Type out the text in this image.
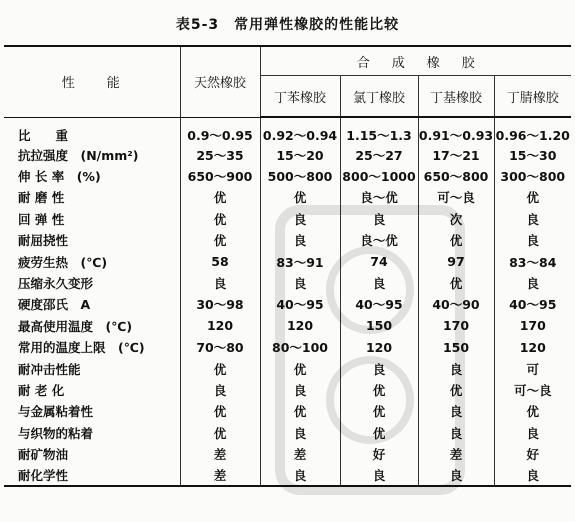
表5-3　常用弹性橡胶的性能比较
性　　能	天然橡胶	合成橡胶			
		丁苯橡胶	氯丁橡胶	丁基橡胶	丁腈橡胶

比　　重	0.9～0.95	0.92～0.94	1.15～1.3	0.91～0.93	0.96～1.20
抗拉强度　(N/mm²)	25～35	15～20	25～27	17～21	15～30
伸 长 率　(%)	650～900	500～800	800～1000	650～800	300～800
耐 磨 性	优	优	良～优	可～良	优
回 弹 性	优	良	良	次	良
耐屈挠性	优	良	良～优	优	良
疲劳生热　(℃)	58	83～91	74	97	83～84
压缩永久变形	良	良	良	优	良
硬度邵氏　A	30～98	40～95	40～95	40～90	40～95
最高使用温度　(℃)	120	120	150	170	170
常用的温度上限　(℃)	70～80	80～100	120	150	120
耐冲击性能	优	优	良	良	可
耐 老 化	良	良	优	优	可～良
与金属粘着性	优	优	优	良	优
与织物的粘着	优	良	优	良	良
耐矿物油	差	差	好	差	好
耐化学性	差	良	良	良	良
